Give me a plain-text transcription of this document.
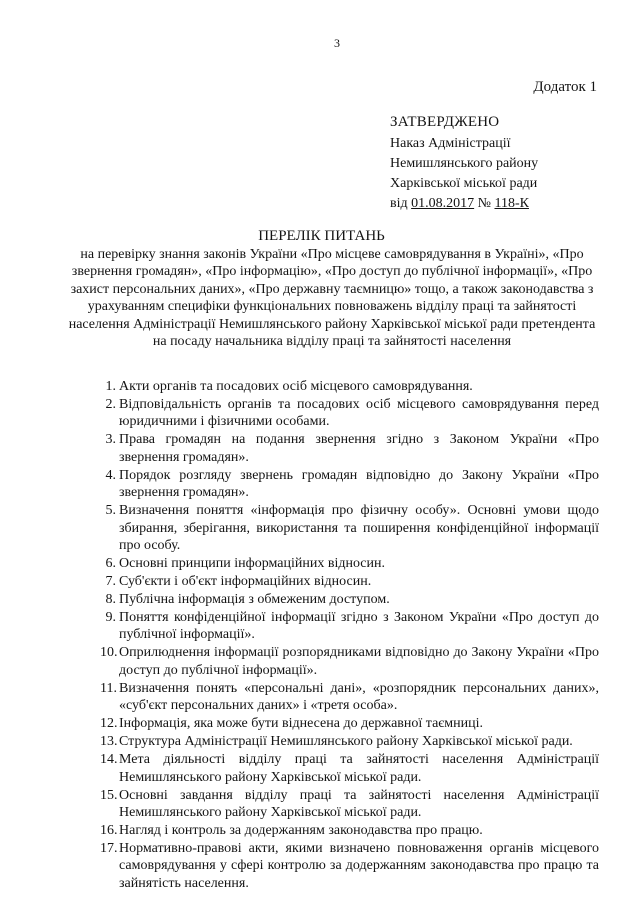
3
Додаток 1
ЗАТВЕРДЖЕНО
Наказ Адміністрації
Немишлянського району
Харківської міської ради
від 01.08.2017 № 118-К
ПЕРЕЛІК ПИТАНЬ
на перевірку знання законів України «Про місцеве самоврядування в Україні», «Про звернення громадян», «Про інформацію», «Про доступ до публічної інформації», «Про захист персональних даних», «Про державну таємницю» тощо, а також законодавства з урахуванням специфіки функціональних повноважень відділу праці та зайнятості населення Адміністрації Немишлянського району Харківської міської ради претендента на посаду начальника відділу праці та зайнятості населення
1. Акти органів та посадових осіб місцевого самоврядування.
2. Відповідальність органів та посадових осіб місцевого самоврядування перед юридичними і фізичними особами.
3. Права громадян на подання звернення згідно з Законом України «Про звернення громадян».
4. Порядок розгляду звернень громадян відповідно до Закону України «Про звернення громадян».
5. Визначення поняття «інформація про фізичну особу». Основні умови щодо збирання, зберігання, використання та поширення конфіденційної інформації про особу.
6. Основні принципи інформаційних відносин.
7. Суб'єкти і об'єкт інформаційних відносин.
8. Публічна інформація з обмеженим доступом.
9. Поняття конфіденційної інформації згідно з Законом України «Про доступ до публічної інформації».
10. Оприлюднення інформації розпорядниками відповідно до Закону України «Про доступ до публічної інформації».
11. Визначення понять «персональні дані», «розпорядник персональних даних», «суб'єкт персональних даних» і «третя особа».
12. Інформація, яка може бути віднесена до державної таємниці.
13. Структура Адміністрації Немишлянського району Харківської міської ради.
14. Мета діяльності відділу праці та зайнятості населення Адміністрації Немишлянського району Харківської міської ради.
15. Основні завдання відділу праці та зайнятості населення Адміністрації Немишлянського району Харківської міської ради.
16. Нагляд і контроль за додержанням законодавства про працю.
17. Нормативно-правові акти, якими визначено повноваження органів місцевого самоврядування у сфері контролю за додержанням законодавства про працю та зайнятість населення.
